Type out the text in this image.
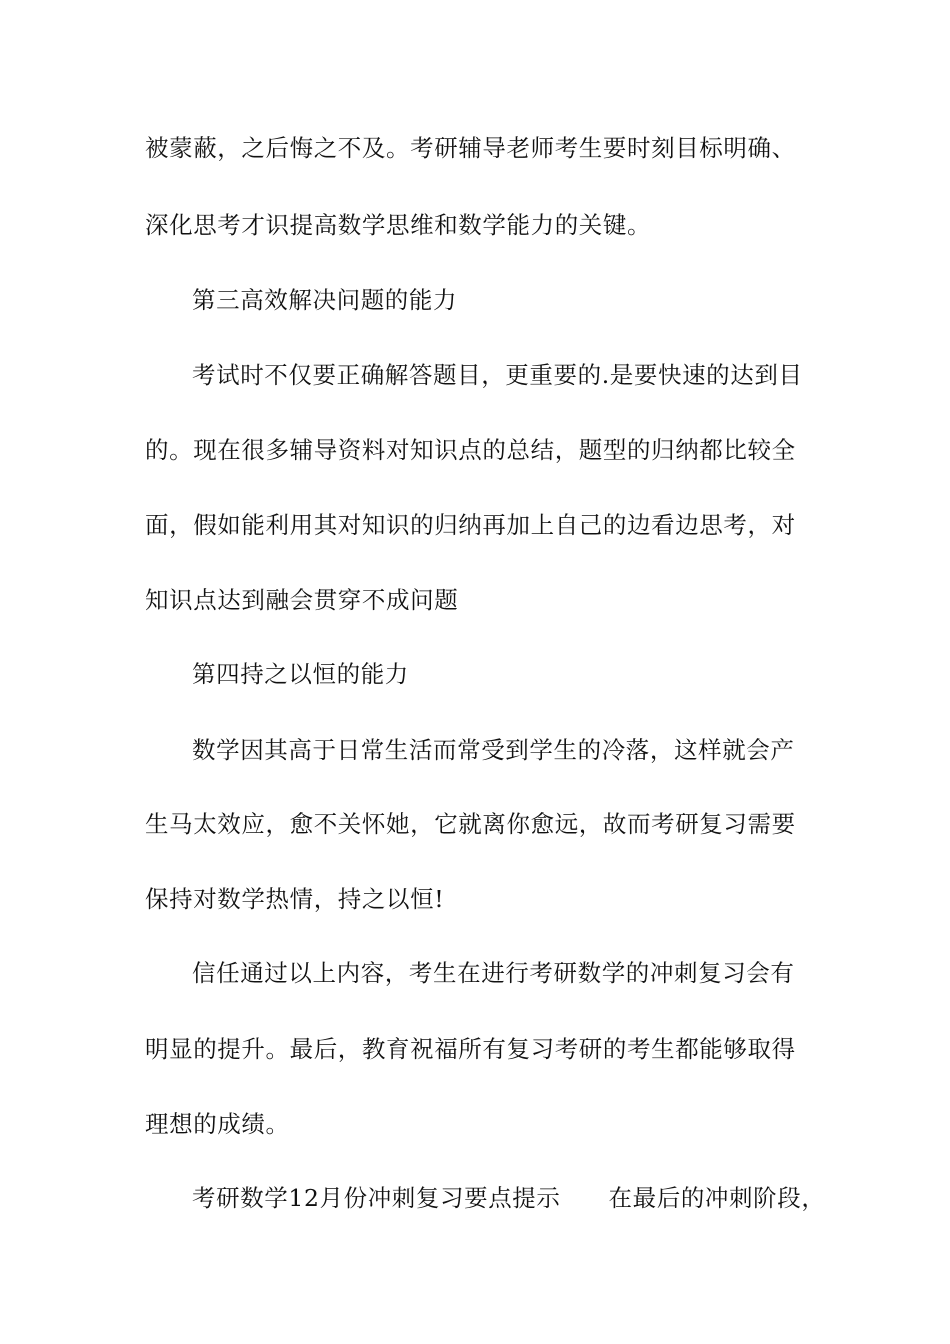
被蒙蔽，之后悔之不及。考研辅导老师考生要时刻目标明确、
深化思考才识提高数学思维和数学能力的关键。
第三高效解决问题的能力
考试时不仅要正确解答题目，更重要的.是要快速的达到目
的。现在很多辅导资料对知识点的总结，题型的归纳都比较全
面，假如能利用其对知识的归纳再加上自己的边看边思考，对
知识点达到融会贯穿不成问题
第四持之以恒的能力
数学因其高于日常生活而常受到学生的冷落，这样就会产
生马太效应，愈不关怀她，它就离你愈远，故而考研复习需要
保持对数学热情，持之以恒!
信任通过以上内容，考生在进行考研数学的冲刺复习会有
明显的提升。最后，教育祝福所有复习考研的考生都能够取得
理想的成绩。
考研数学12月份冲刺复习要点提示 在最后的冲刺阶段，
